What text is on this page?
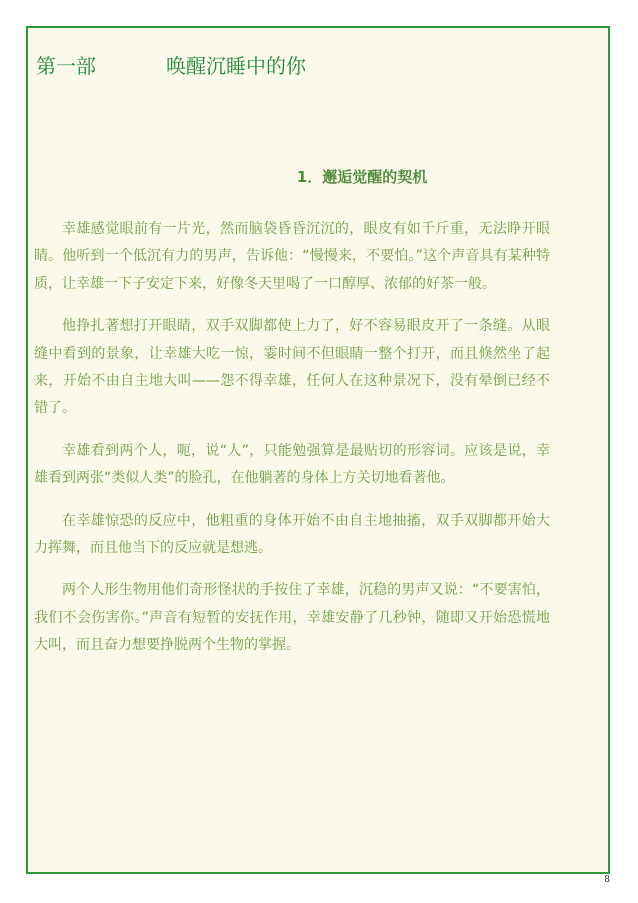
第一部	唤醒沉睡中的你
1．邂逅觉醒的契机

幸雄感觉眼前有一片光，然而脑袋昏昏沉沉的，眼皮有如千斤重，无法睁开眼睛。他听到一个低沉有力的男声，告诉他：“慢慢来，不要怕。”这个声音具有某种特质，让幸雄一下子安定下来，好像冬天里喝了一口醇厚、浓郁的好茶一般。

他挣扎著想打开眼睛，双手双脚都使上力了，好不容易眼皮开了一条缝。从眼缝中看到的景象，让幸雄大吃一惊，霎时间不但眼睛一整个打开，而且倏然坐了起来，开始不由自主地大叫——怨不得幸雄，任何人在这种景况下，没有晕倒已经不错了。

幸雄看到两个人，呃，说“人”，只能勉强算是最贴切的形容词。应该是说，幸雄看到两张“类似人类”的脸孔，在他躺著的身体上方关切地看著他。

在幸雄惊恐的反应中，他粗重的身体开始不由自主地抽搐，双手双脚都开始大力挥舞，而且他当下的反应就是想逃。

两个人形生物用他们奇形怪状的手按住了幸雄，沉稳的男声又说：“不要害怕，我们不会伤害你。”声音有短暂的安抚作用，幸雄安静了几秒钟，随即又开始恐慌地大叫，而且奋力想要挣脱两个生物的掌握。

8
